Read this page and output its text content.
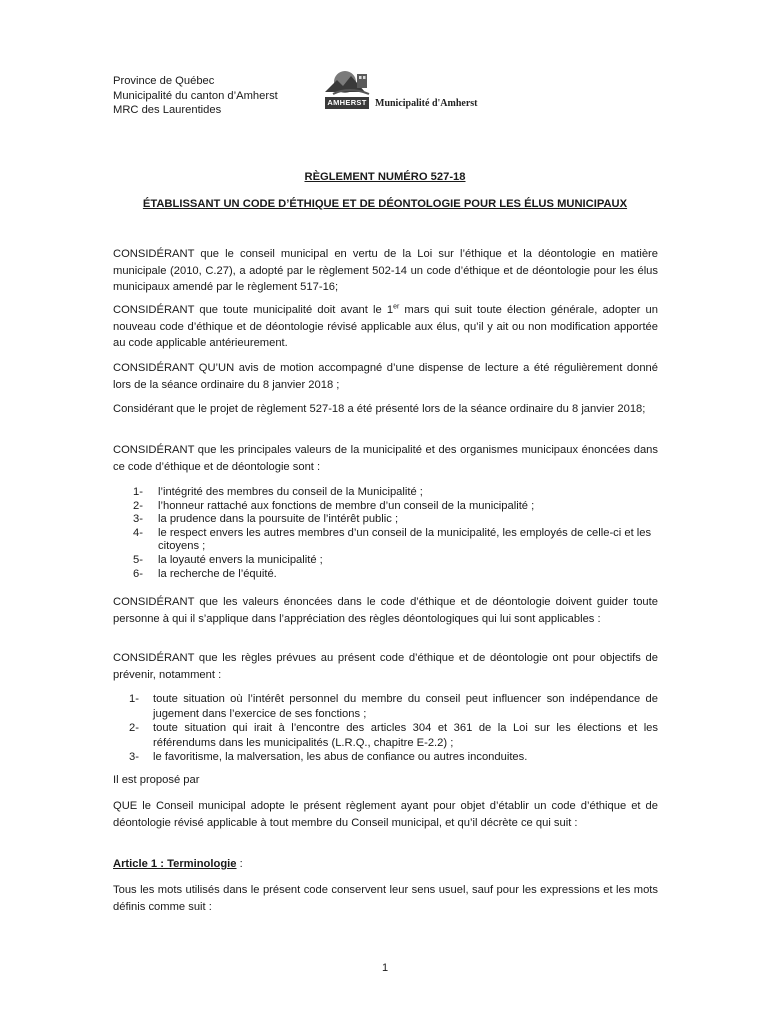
Province de Québec
Municipalité du canton d’Amherst
MRC des Laurentides
AMHERST Municipalité d'Amherst
RÈGLEMENT NUMÉRO 527-18
ÉTABLISSANT UN CODE D’ÉTHIQUE ET DE DÉONTOLOGIE POUR LES ÉLUS MUNICIPAUX
CONSIDÉRANT que le conseil municipal en vertu de la Loi sur l’éthique et la déontologie en matière municipale (2010, C.27), a adopté par le règlement 502-14 un code d’éthique et de déontologie pour les élus municipaux amendé par le règlement 517-16;
CONSIDÉRANT que toute municipalité doit avant le 1er mars qui suit toute élection générale, adopter un nouveau code d’éthique et de déontologie révisé applicable aux élus, qu’il y ait ou non modification apportée au code applicable antérieurement.
CONSIDÉRANT QU’UN avis de motion accompagné d’une dispense de lecture a été régulièrement donné lors de la séance ordinaire du 8 janvier 2018 ;
Considérant que le projet de règlement 527-18 a été présenté lors de la séance ordinaire du 8 janvier 2018;
CONSIDÉRANT que les principales valeurs de la municipalité et des organismes municipaux énoncées dans ce code d’éthique et de déontologie sont :
1- l’intégrité des membres du conseil de la Municipalité ;
2- l’honneur rattaché aux fonctions de membre d’un conseil de la municipalité ;
3- la prudence dans la poursuite de l’intérêt public ;
4- le respect envers les autres membres d’un conseil de la municipalité, les employés de celle-ci et les citoyens ;
5- la loyauté envers la municipalité ;
6- la recherche de l’équité.
CONSIDÉRANT que les valeurs énoncées dans le code d’éthique et de déontologie doivent guider toute personne à qui il s’applique dans l’appréciation des règles déontologiques qui lui sont applicables :
CONSIDÉRANT que les règles prévues au présent code d’éthique et de déontologie ont pour objectifs de prévenir, notamment :
1- toute situation où l’intérêt personnel du membre du conseil peut influencer son indépendance de jugement dans l’exercice de ses fonctions ;
2- toute situation qui irait à l’encontre des articles 304 et 361 de la Loi sur les élections et les référendums dans les municipalités (L.R.Q., chapitre E-2.2) ;
3- le favoritisme, la malversation, les abus de confiance ou autres inconduites.
Il est proposé par
QUE le Conseil municipal adopte le présent règlement ayant pour objet d’établir un code d’éthique et de déontologie révisé applicable à tout membre du Conseil municipal, et qu’il décrète ce qui suit :
Article 1 : Terminologie :
Tous les mots utilisés dans le présent code conservent leur sens usuel, sauf pour les expressions et les mots définis comme suit :
1
